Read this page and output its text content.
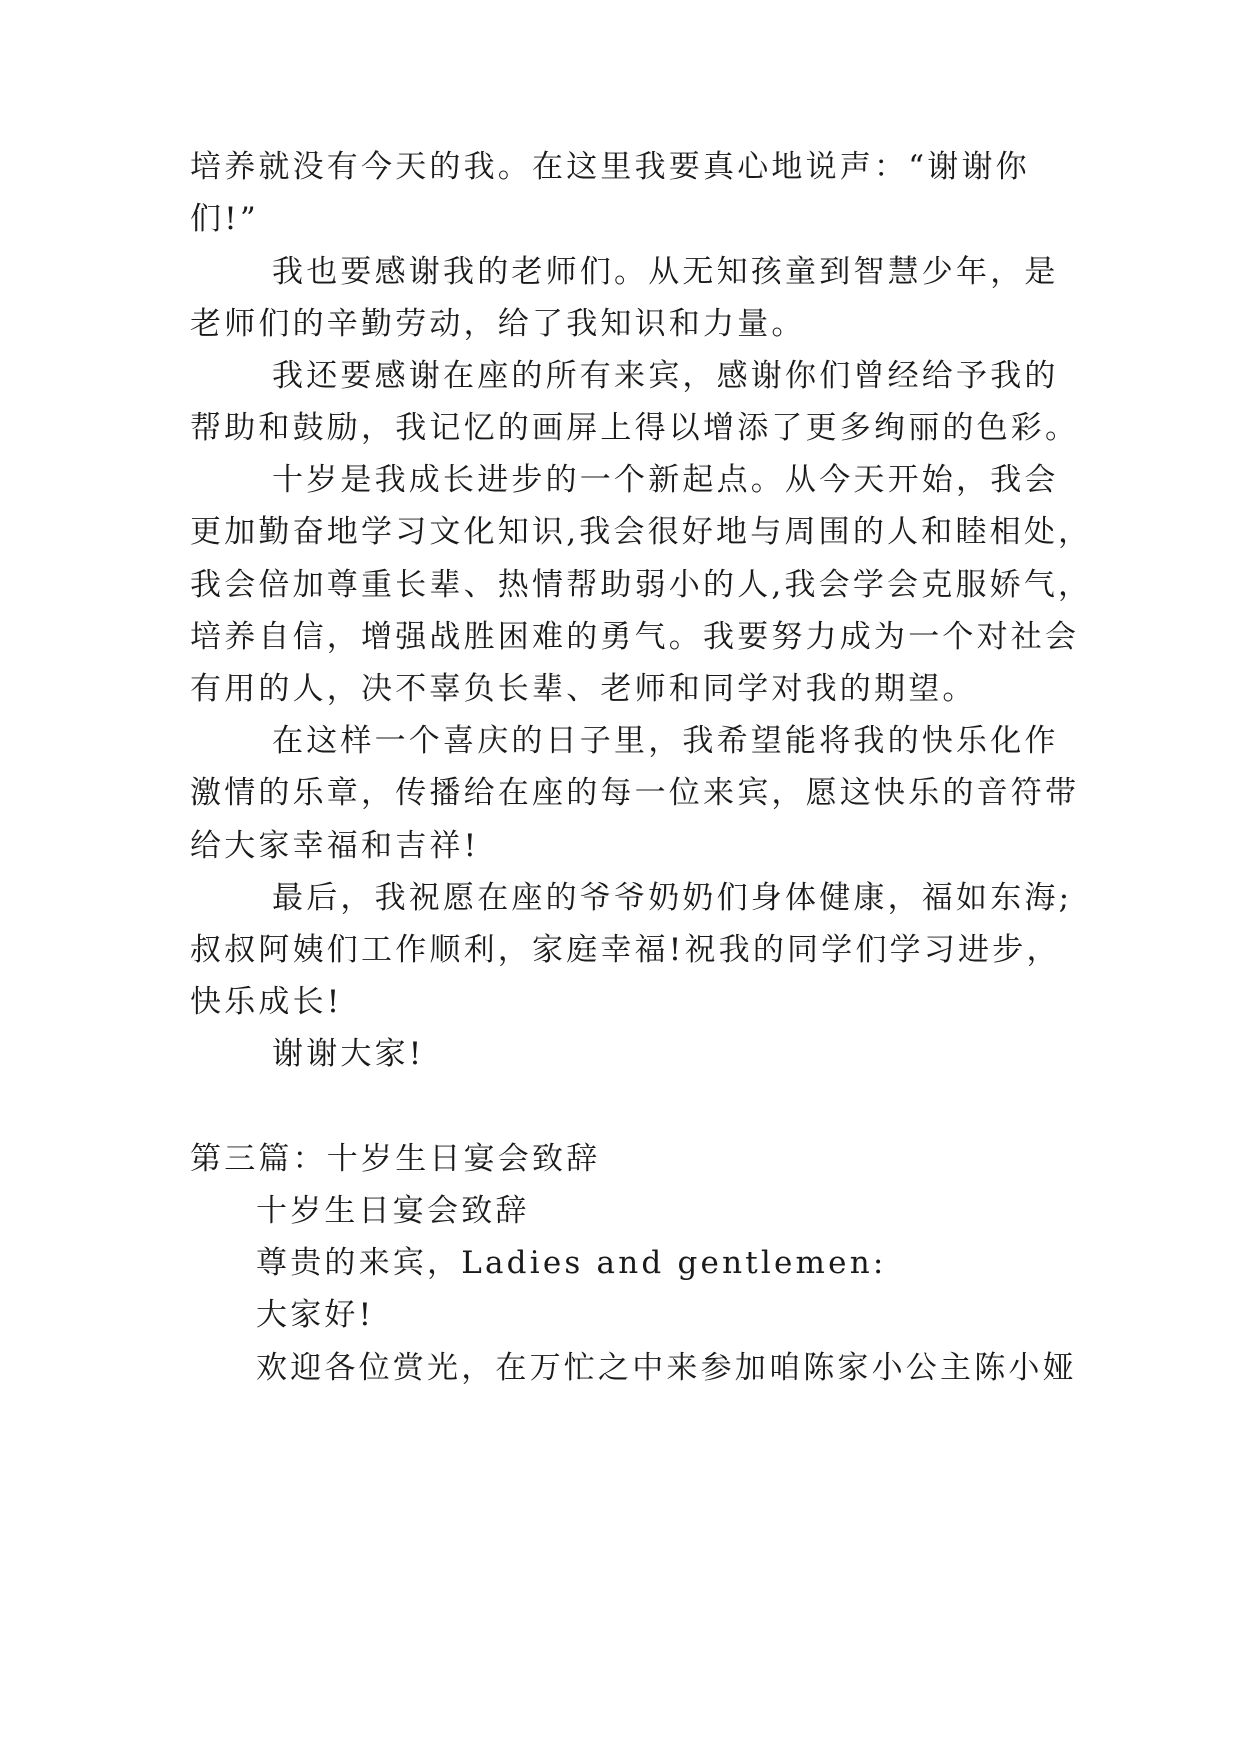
培养就没有今天的我。在这里我要真心地说声：“谢谢你
们!”
我也要感谢我的老师们。从无知孩童到智慧少年，是
老师们的辛勤劳动，给了我知识和力量。
我还要感谢在座的所有来宾，感谢你们曾经给予我的
帮助和鼓励，我记忆的画屏上得以增添了更多绚丽的色彩。
十岁是我成长进步的一个新起点。从今天开始，我会
更加勤奋地学习文化知识,我会很好地与周围的人和睦相处，
我会倍加尊重长辈、热情帮助弱小的人,我会学会克服娇气，
培养自信，增强战胜困难的勇气。我要努力成为一个对社会
有用的人，决不辜负长辈、老师和同学对我的期望。
在这样一个喜庆的日子里，我希望能将我的快乐化作
激情的乐章，传播给在座的每一位来宾，愿这快乐的音符带
给大家幸福和吉祥!
最后，我祝愿在座的爷爷奶奶们身体健康，福如东海;
叔叔阿姨们工作顺利，家庭幸福!祝我的同学们学习进步，
快乐成长!
谢谢大家!
第三篇：十岁生日宴会致辞
十岁生日宴会致辞
尊贵的来宾，Ladies and gentlemen:
大家好!
欢迎各位赏光，在万忙之中来参加咱陈家小公主陈小娅
